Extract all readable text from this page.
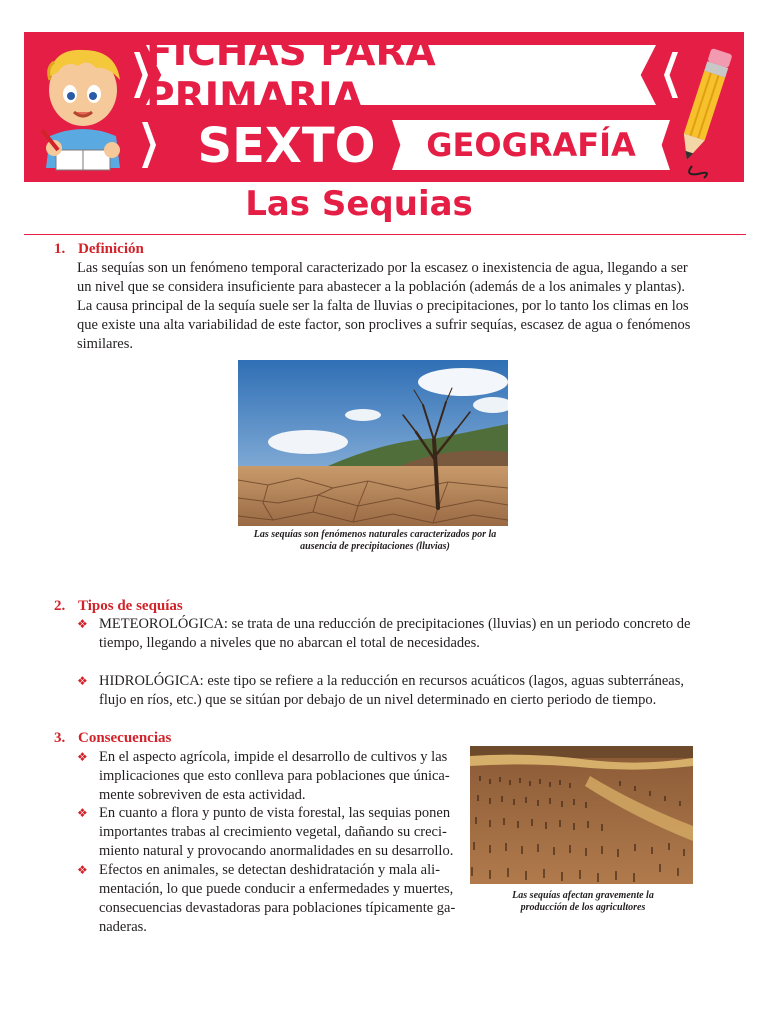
FICHAS PARA PRIMARIA
SEXTO	GEOGRAFÍA
Las Sequias
1. Definición
Las sequías son un fenómeno temporal caracterizado por la escasez o inexistencia de agua, llegando a ser
un nivel que se considera insuficiente para abastecer a la población (además de a los animales y plantas).
La causa principal de la sequía suele ser la falta de lluvias o precipitaciones, por lo tanto los climas en los
que existe una alta variabilidad de este factor, son proclives a sufrir sequías, escasez de agua o fenómenos
similares.
Las sequías son fenómenos naturales caracterizados por la
ausencia de precipitaciones (lluvias)
2. Tipos de sequías
❖ METEOROLÓGICA: se trata de una reducción de precipitaciones (lluvias) en un periodo concreto de
tiempo, llegando a niveles que no abarcan el total de necesidades.
❖ HIDROLÓGICA: este tipo se refiere a la reducción en recursos acuáticos (lagos, aguas subterráneas,
flujo en ríos, etc.) que se sitúan por debajo de un nivel determinado en cierto periodo de tiempo.
3. Consecuencias
❖ En el aspecto agrícola, impide el desarrollo de cultivos y las
implicaciones que esto conlleva para poblaciones que única-
mente sobreviven de esta actividad.
❖ En cuanto a flora y punto de vista forestal, las sequias ponen
importantes trabas al crecimiento vegetal, dañando su creci-
miento natural y provocando anormalidades en su desarrollo.
❖ Efectos en animales, se detectan deshidratación y mala ali-
mentación, lo que puede conducir a enfermedades y muertes,
consecuencias devastadoras para poblaciones típicamente ga-
naderas.
Las sequías afectan gravemente la
producción de los agricultores
